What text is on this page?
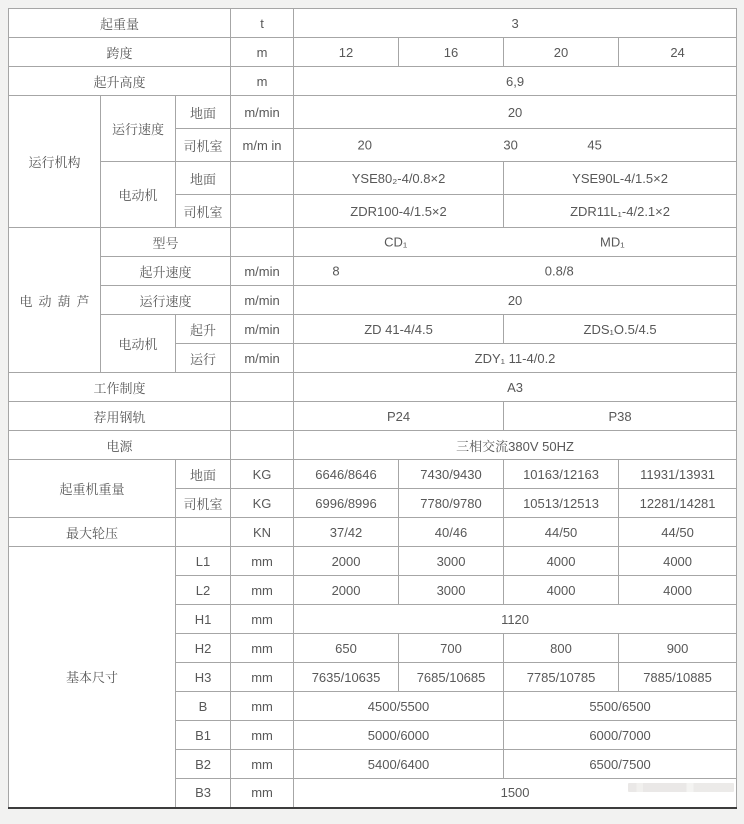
起重量			t	3			
跨度			m	12	16	20	24
起升高度			m	6,9			
运行机构	运行速度	地面	m/min	20			
		司机室	m/m in	20 30 45			

	电动机	地面		YSE80₂-4/0.8×2		YSE90L-4/1.5×2	
		司机室		ZDR100-4/1.5×2		ZDR11L₁-4/2.1×2	
电动葫芦	型号			CD₁ MD₁			

	起升速度		m/min	8 0.8/8			

	运行速度		m/min	20			
	电动机	起升	m/min	ZD 41-4/4.5		ZDS₁O.5/4.5	
		运行	m/min	ZDY₁ 11-4/0.2			
工作制度				A3			
荐用钢轨				P24		P38	
电源				三相交流380V 50HZ			
起重机重量		地面	KG	6646/8646	7430/9430	10163/12163	11931/13931
		司机室	KG	6996/8996	7780/9780	10513/12513	12281/14281
最大轮压			KN	37/42	40/46	44/50	44/50
基本尺寸		L1	mm	2000	3000	4000	4000
		L2	mm	2000	3000	4000	4000
		H1	mm	1120			
		H2	mm	650	700	800	900
		H3	mm	7635/10635	7685/10685	7785/10785	7885/10885
		B	mm	4500/5500		5500/6500	
		B1	mm	5000/6000		6000/7000	
		B2	mm	5400/6400		6500/7500	
		B3	mm	1500			
